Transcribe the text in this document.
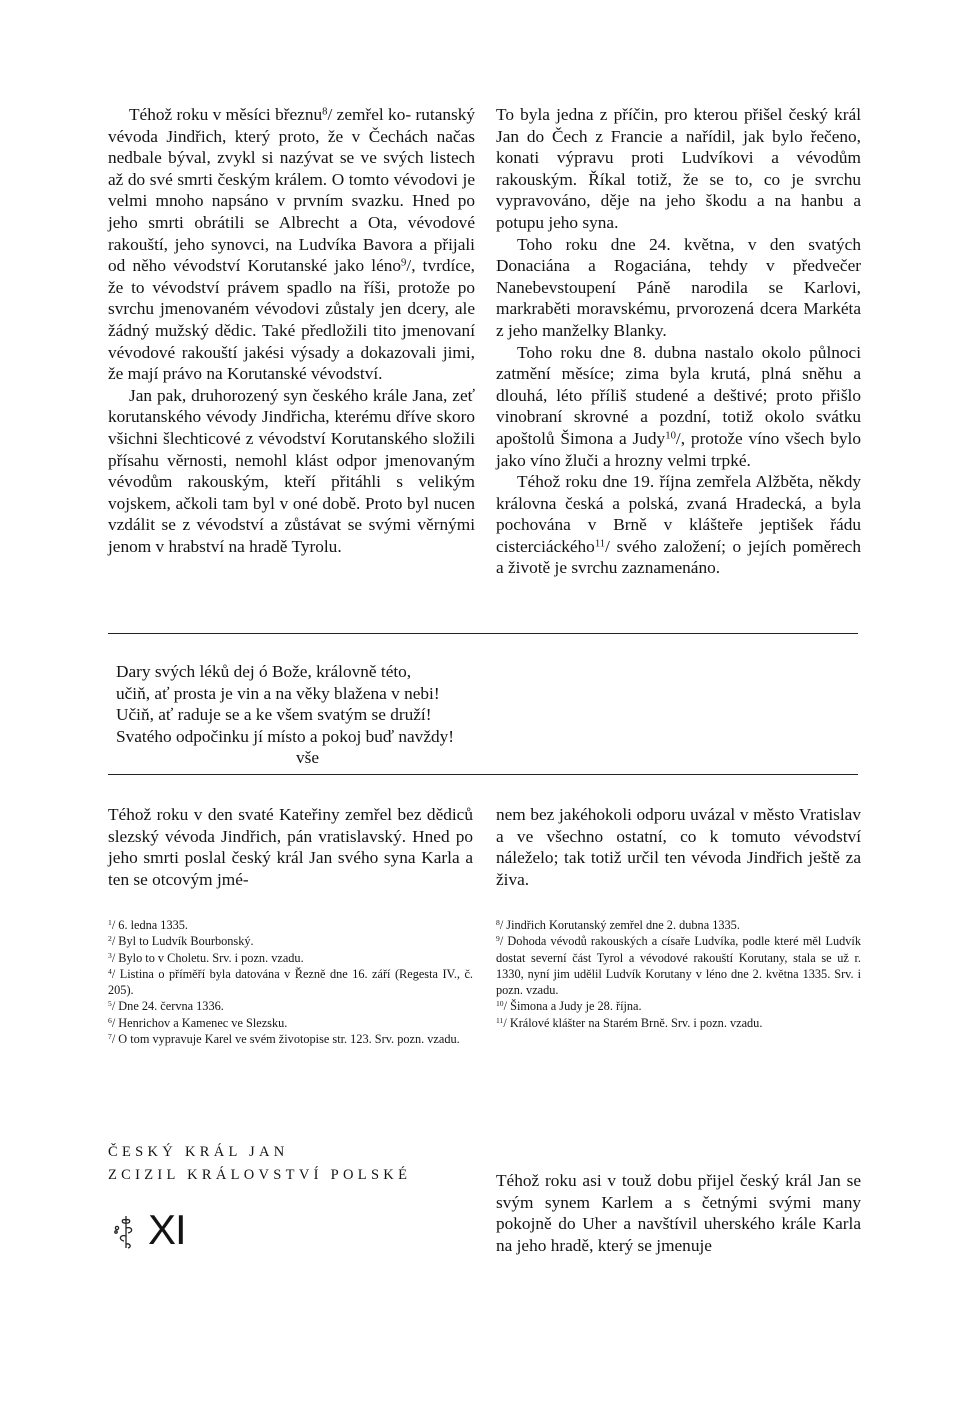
Téhož roku v měsíci březnu$^8$/ zemřel ko- rutanský vévoda Jindřich, který proto, že v Čechách načas nedbale býval, zvykl si nazývat se ve svých listech až do své smrti českým králem. O tomto vévodovi je velmi mnoho napsáno v prvním svazku. Hned po jeho smrti obrátili se Albrecht a Ota, vévodové rakouští, jeho synovci, na Ludvíka Bavora a přijali od něho vévodství Korutanské jako léno$^9$/, tvrdíce, že to vévodství právem spadlo na říši, protože po svrchu jmenovaném vévodovi zůstaly jen dcery, ale žádný mužský dědic. Také předložili tito jmenovaní vévodové rakouští jakési výsady a dokazovali jimi, že mají právo na Korutanské vévodství.

Jan pak, druhorozený syn českého krále Jana, zeť korutanského vévody Jindřicha, kterému dříve skoro všichni šlechticové z vévodství Korutanského složili přísahu věrnosti, nemohl klást odpor jmenovaným vévodům rakouským, kteří přitáhli s velikým vojskem, ačkoli tam byl v oné době. Proto byl nucen vzdálit se z vévodství a zůstávat se svými věrnými jenom v hrabství na hradě Tyrolu.

To byla jedna z příčin, pro kterou přišel český král Jan do Čech z Francie a nařídil, jak bylo řečeno, konati výpravu proti Ludvíkovi a vévodům rakouským. Říkal totiž, že se to, co je svrchu vypravováno, děje na jeho škodu a na hanbu a potupu jeho syna.

Toho roku dne 24. května, v den svatých Donaciána a Rogaciána, tehdy v předvečer Nanebevstoupení Páně narodila se Karlovi, markraběti moravskému, prvorozená dcera Markéta z jeho manželky Blanky.

Toho roku dne 8. dubna nastalo okolo půlnoci zatmění měsíce; zima byla krutá, plná sněhu a dlouhá, léto příliš studené a deštivé; proto přišlo vinobraní skrovné a pozdní, totiž okolo svátku apoštolů Šimona a Judy$^{10}$/, protože víno všech bylo jako víno žluči a hrozny velmi trpké.

Téhož roku dne 19. října zemřela Alžběta, někdy královna česká a polská, zvaná Hradecká, a byla pochována v Brně v klášteře jeptišek řádu cisterciáckého$^{11}$/ svého založení; o jejích poměrech a životě je svrchu zaznamenáno.

Dary svých léků dej ó Bože, královně této,
učiň, ať prosta je vin a na věky blažena v nebi!
Učiň, ať raduje se a ke všem svatým se druží!
Svatého odpočinku jí místo a pokoj buď navždy!
vše

Téhož roku v den svaté Kateřiny zemřel bez dědiců slezský vévoda Jindřich, pán vratislavský. Hned po jeho smrti poslal český král Jan svého syna Karla a ten se otcovým jmé-

nem bez jakéhokoli odporu uvázal v město Vratislav a ve všechno ostatní, co k tomuto vévodství náleželo; tak totiž určil ten vévoda Jindřich ještě za živa.

$^1$/ 6. ledna 1335.
$^2$/ Byl to Ludvík Bourbonský.
$^3$/ Bylo to v Choletu. Srv. i pozn. vzadu.
$^4$/ Listina o příměří byla datována v Řezně dne 16. září (Regesta IV., č. 205).
$^5$/ Dne 24. června 1336.
$^6$/ Henrichov a Kamenec ve Slezsku.
$^7$/ O tom vypravuje Karel ve svém životopise str. 123. Srv. pozn. vzadu.
$^8$/ Jindřich Korutanský zemřel dne 2. dubna 1335.
$^9$/ Dohoda vévodů rakouských a císaře Ludvíka, podle které měl Ludvík dostat severní část Tyrol a vévodové rakouští Korutany, stala se už r. 1330, nyní jim udělil Ludvík Korutany v léno dne 2. května 1335. Srv. i pozn. vzadu.
$^{10}$/ Šimona a Judy je 28. října.
$^{11}$/ Králové klášter na Starém Brně. Srv. i pozn. vzadu.
ČESKÝ KRÁL JAN
ZCIZIL KRÁLOVSTVÍ POLSKÉ
XI

Téhož roku asi v touž dobu přijel český král Jan se svým synem Karlem a s četnými svými many pokojně do Uher a navštívil uherského krále Karla na jeho hradě, který se jmenuje
